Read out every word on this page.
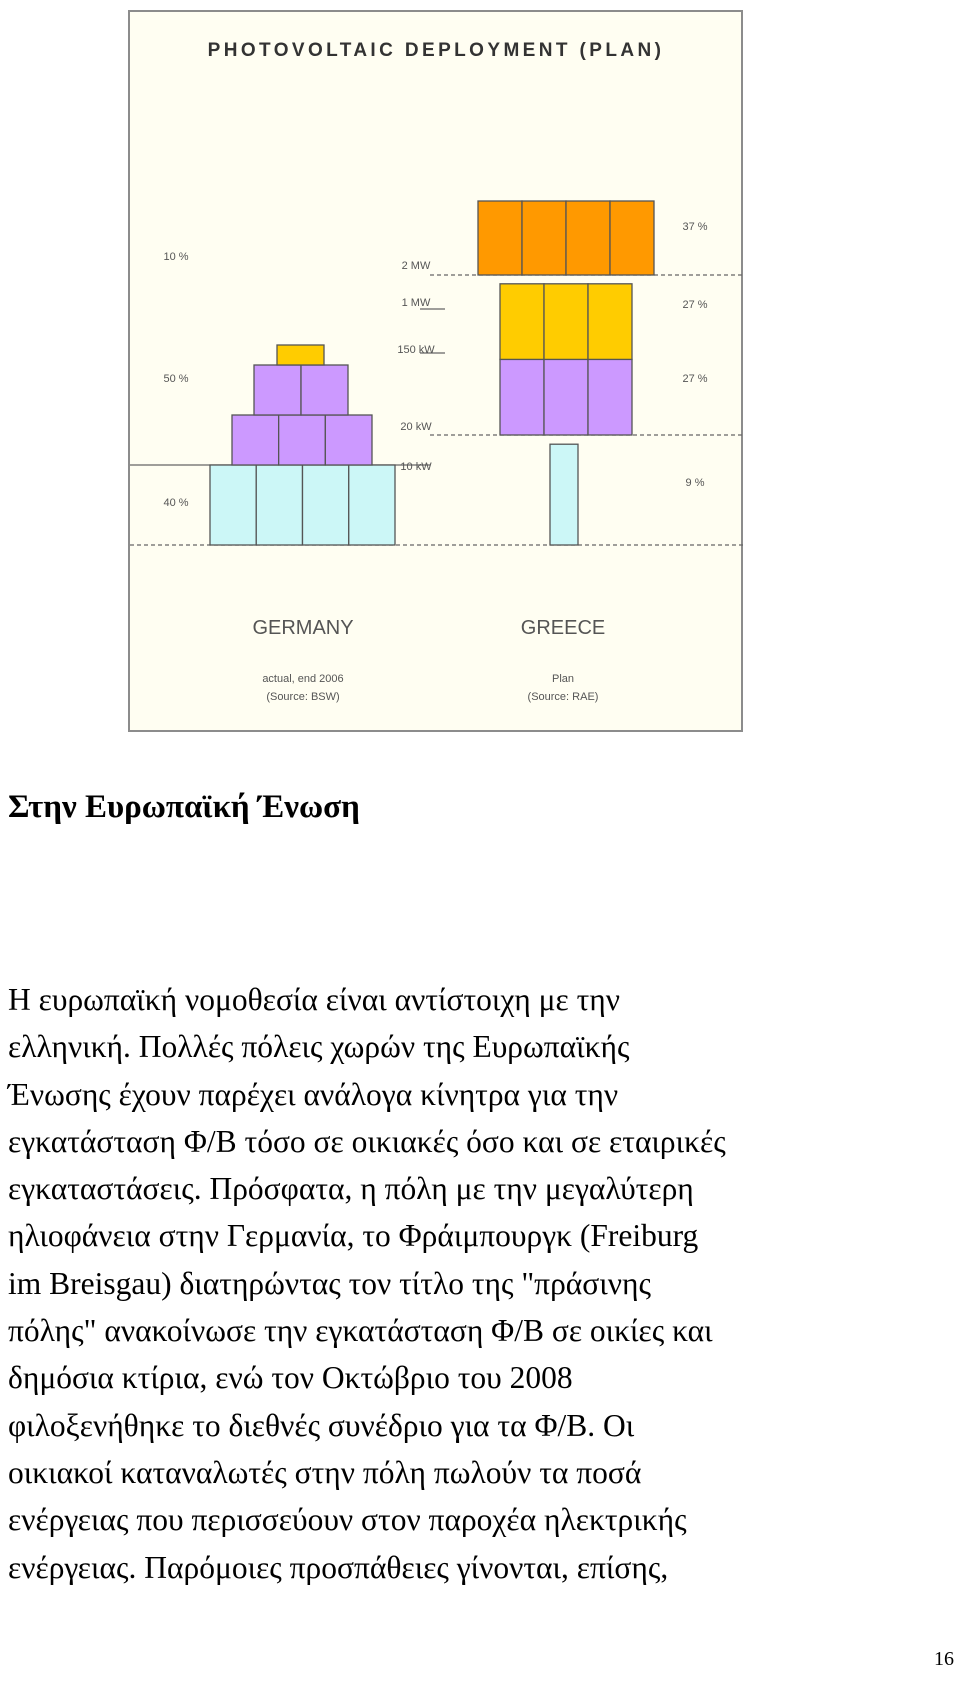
PHOTOVOLTAIC DEPLOYMENT (PLAN)
2 MW
1 MW
150 kW
20 kW
10 kW
10 %
50 %
40 %
37 %
27 %
27 %
9 %
GERMANY
actual, end 2006
(Source: BSW)
GREECE
Plan
(Source: RAE)
Στην Ευρωπαϊκή Ένωση

Η ευρωπαϊκή νομοθεσία είναι αντίστοιχη με την
ελληνική. Πολλές πόλεις χωρών της Ευρωπαϊκής
Ένωσης έχουν παρέχει ανάλογα κίνητρα για την
εγκατάσταση Φ/Β τόσο σε οικιακές όσο και σε εταιρικές
εγκαταστάσεις. Πρόσφατα, η πόλη με την μεγαλύτερη
ηλιοφάνεια στην Γερμανία, το Φράιμπουργκ (Freiburg
im Breisgau) διατηρώντας τον τίτλο της "πράσινης
πόλης" ανακοίνωσε την εγκατάσταση Φ/Β σε οικίες και
δημόσια κτίρια, ενώ τον Οκτώβριο του 2008
φιλοξενήθηκε το διεθνές συνέδριο για τα Φ/Β. Οι
οικιακοί καταναλωτές στην πόλη πωλούν τα ποσά
ενέργειας που περισσεύουν στον παροχέα ηλεκτρικής
ενέργειας. Παρόμοιες προσπάθειες γίνονται, επίσης,

16
